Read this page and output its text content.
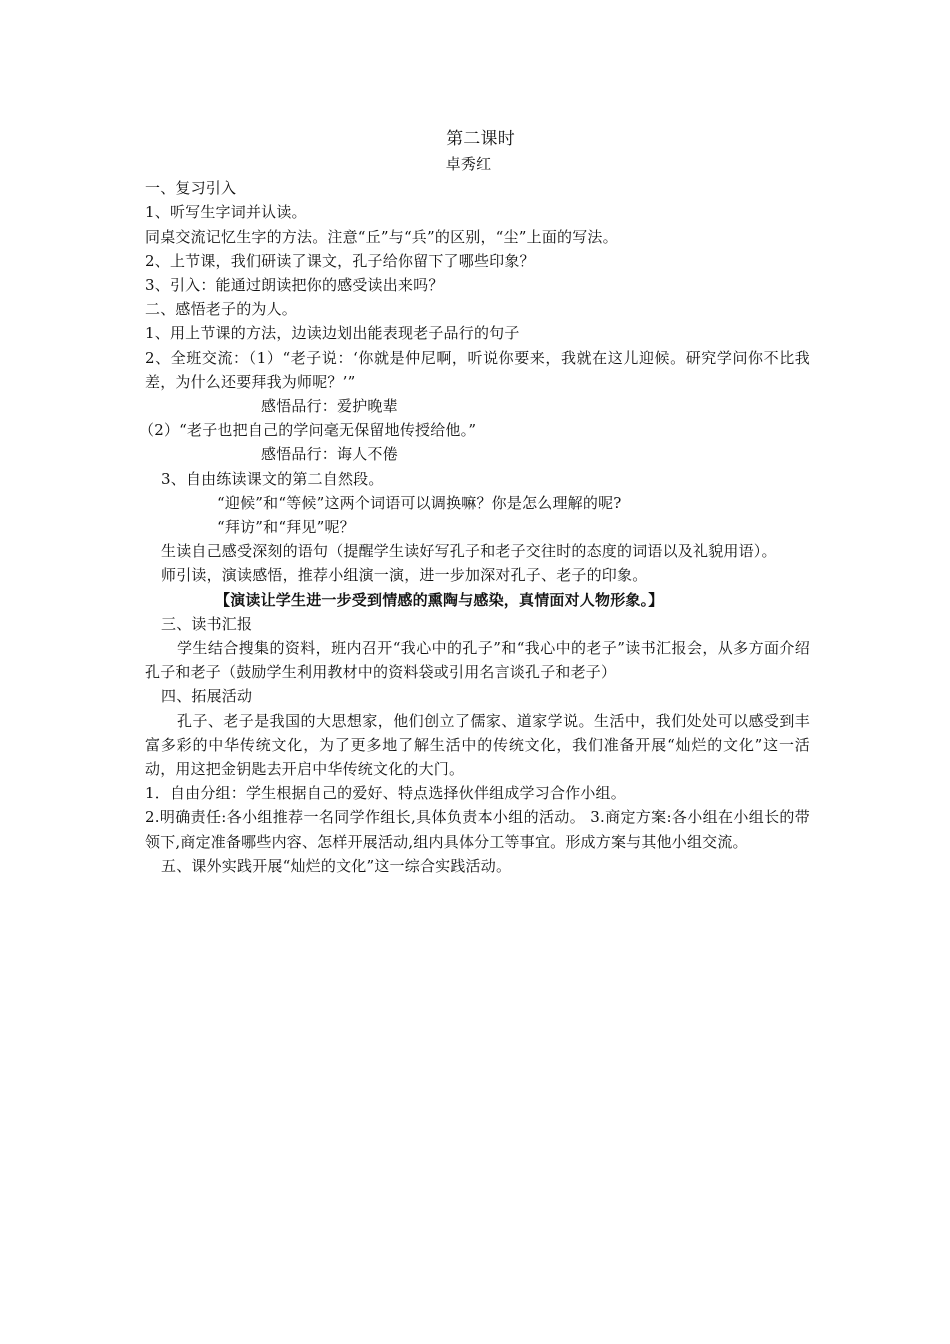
第二课时
卓秀红

一、复习引入

1、听写生字词并认读。

同桌交流记忆生字的方法。注意“丘”与“兵”的区别，“尘”上面的写法。

2、上节课，我们研读了课文，孔子给你留下了哪些印象？

3、引入：能通过朗读把你的感受读出来吗？

二、感悟老子的为人。

1、用上节课的方法，边读边划出能表现老子品行的句子

2、全班交流：（1）“老子说：‘你就是仲尼啊，听说你要来，我就在这儿迎候。研究学问你不比我差，为什么还要拜我为师呢？’”

感悟品行：爱护晚辈

（2）“老子也把自己的学问毫无保留地传授给他。”

感悟品行：诲人不倦

3、自由练读课文的第二自然段。

“迎候”和“等候”这两个词语可以调换嘛？你是怎么理解的呢?

“拜访”和“拜见”呢？

生读自己感受深刻的语句（提醒学生读好写孔子和老子交往时的态度的词语以及礼貌用语）。

师引读，演读感悟，推荐小组演一演，进一步加深对孔子、老子的印象。

【演读让学生进一步受到情感的熏陶与感染，真情面对人物形象。】

三、读书汇报

学生结合搜集的资料，班内召开“我心中的孔子”和“我心中的老子”读书汇报会，从多方面介绍孔子和老子（鼓励学生利用教材中的资料袋或引用名言谈孔子和老子）

四、拓展活动

孔子、老子是我国的大思想家，他们创立了儒家、道家学说。生活中，我们处处可以感受到丰富多彩的中华传统文化，为了更多地了解生活中的传统文化，我们准备开展“灿烂的文化”这一活动，用这把金钥匙去开启中华传统文化的大门。

1．自由分组：学生根据自己的爱好、特点选择伙伴组成学习合作小组。

2.明确责任:各小组推荐一名同学作组长,具体负责本小组的活动。 3.商定方案:各小组在小组长的带领下,商定准备哪些内容、怎样开展活动,组内具体分工等事宜。形成方案与其他小组交流。

五、课外实践开展“灿烂的文化”这一综合实践活动。
